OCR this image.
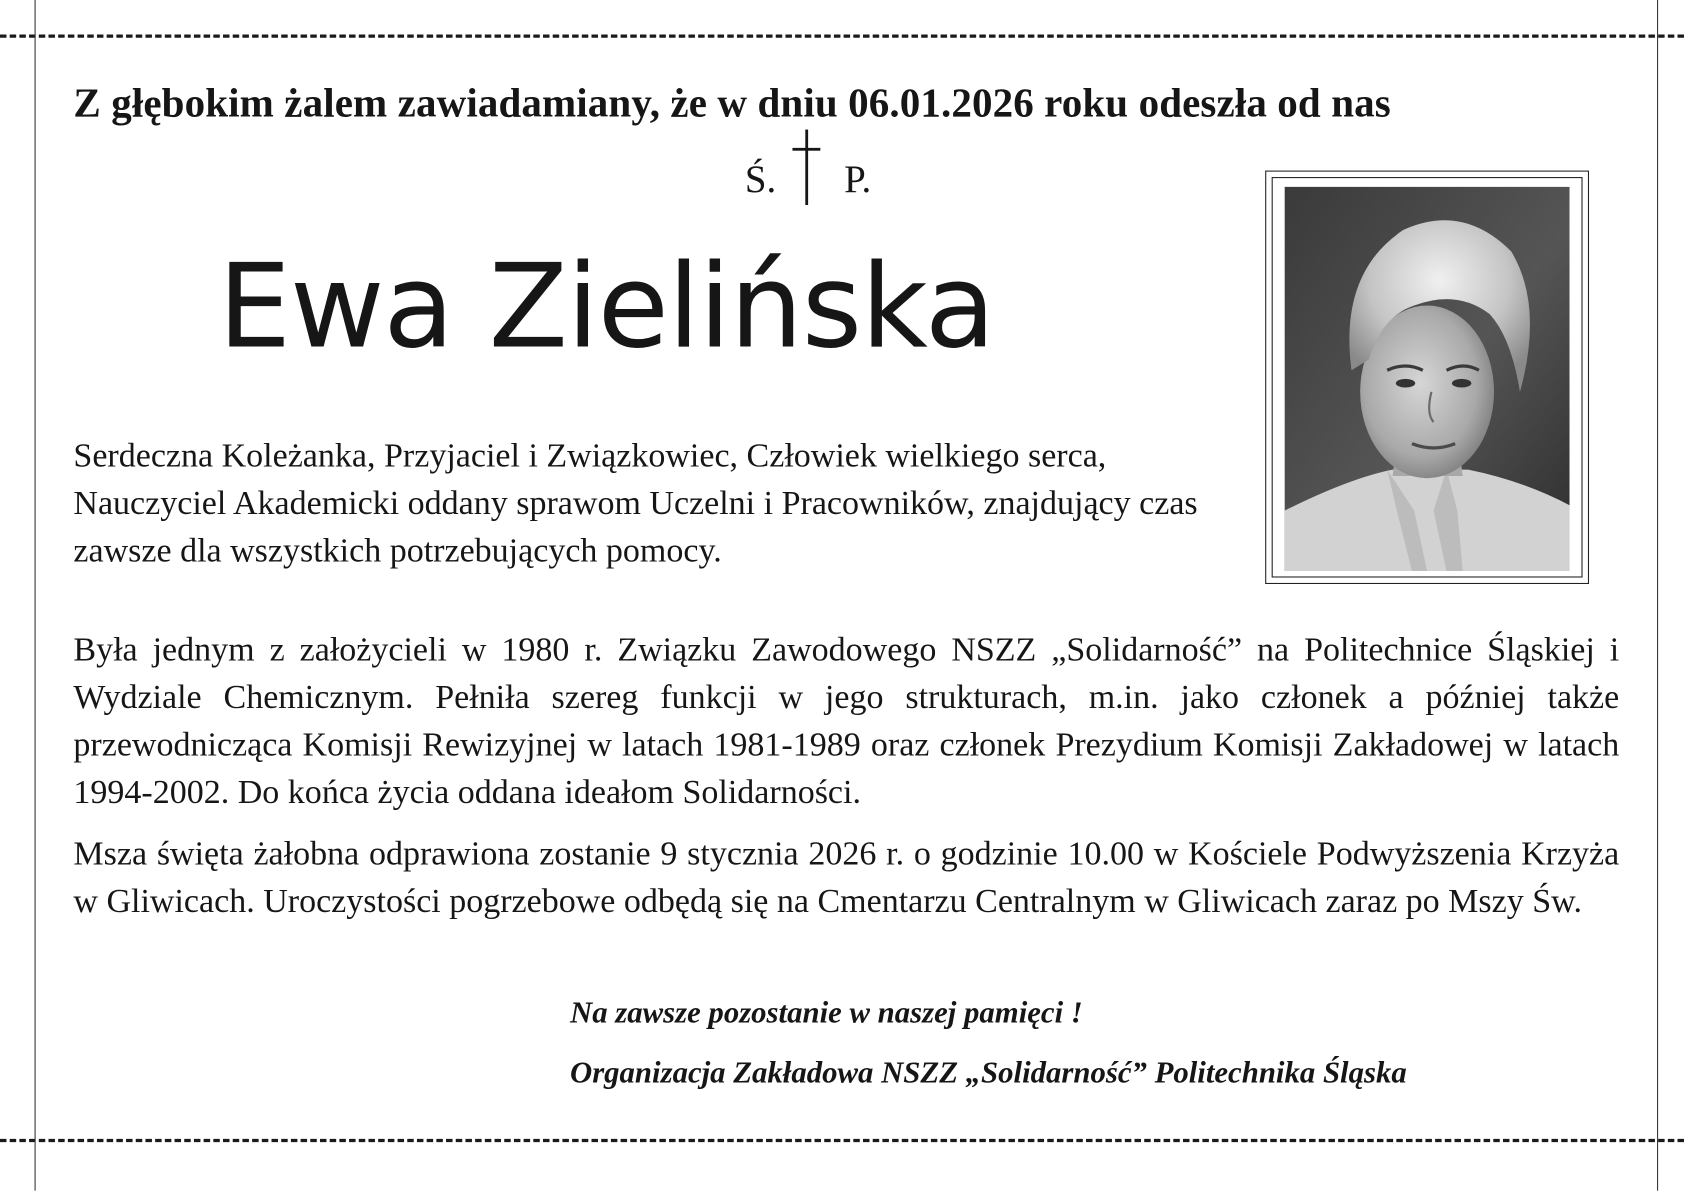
Z głębokim żalem zawiadamiany, że w dniu 06.01.2026 roku odeszła od nas
Ś. P.
Ewa Zielińska

Serdeczna Koleżanka, Przyjaciel i Związkowiec, Człowiek wielkiego serca, Nauczyciel Akademicki oddany sprawom Uczelni i Pracowników, znajdujący czas zawsze dla wszystkich potrzebujących pomocy.

Była jednym z założycieli w 1980 r. Związku Zawodowego NSZZ „Solidarność” na Politechnice Śląskiej i Wydziale Chemicznym. Pełniła szereg funkcji w jego strukturach, m.in. jako członek a później także przewodnicząca Komisji Rewizyjnej w latach 1981-1989 oraz członek Prezydium Komisji Zakładowej w latach 1994-2002. Do końca życia oddana ideałom Solidarności.

Msza święta żałobna odprawiona zostanie 9 stycznia 2026 r. o godzinie 10.00 w Kościele Podwyższenia Krzyża w Gliwicach. Uroczystości pogrzebowe odbędą się na Cmentarzu Centralnym w Gliwicach zaraz po Mszy Św.

Na zawsze pozostanie w naszej pamięci !

Organizacja Zakładowa NSZZ „Solidarność” Politechnika Śląska
